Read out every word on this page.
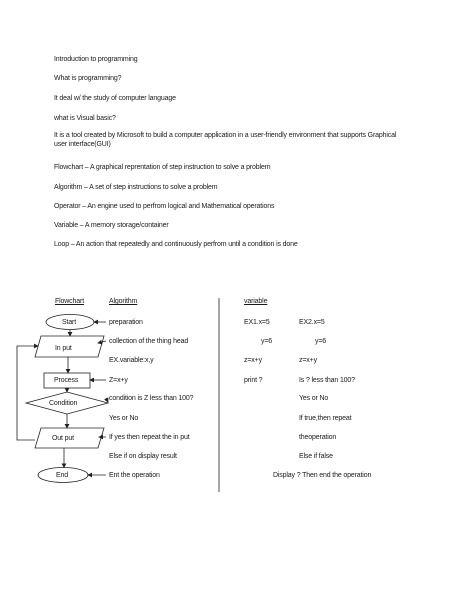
Introduction to programming
What is programming?
It deal w/ the study of computer language
what is Visual basic?
It is a tool created by Microsoft to build a computer application in a user-friendly environment that supports Graphical user interface(GUI)
Flowchart – A graphical reprentation of step instruction to solve a problem
Algorithm – A set of step instructions to solve a problem
Operator – An engine used to perfrom logical and Mathematical operations
Variable – A memory storage/container
Loop – An action that repeatedly and continuously perfrom until a condition is done
Flowchart	Algorithm	variable
Start
In put
Process
Condition
Out put
End
preparation
collection of the thing head
EX.variable:x,y
Z=x+y
condition is Z less than 100?
Yes or No
If yes then repeat the in put
Else if on display result
Ent the operation
EX1.x=5
y=6
z=x+y
print ?
EX2.x=5
y=6
z=x+y
Is ? less than 100?
Yes or No
If true,then repeat
theoperation
Else if false
Display ? Then end the operation
